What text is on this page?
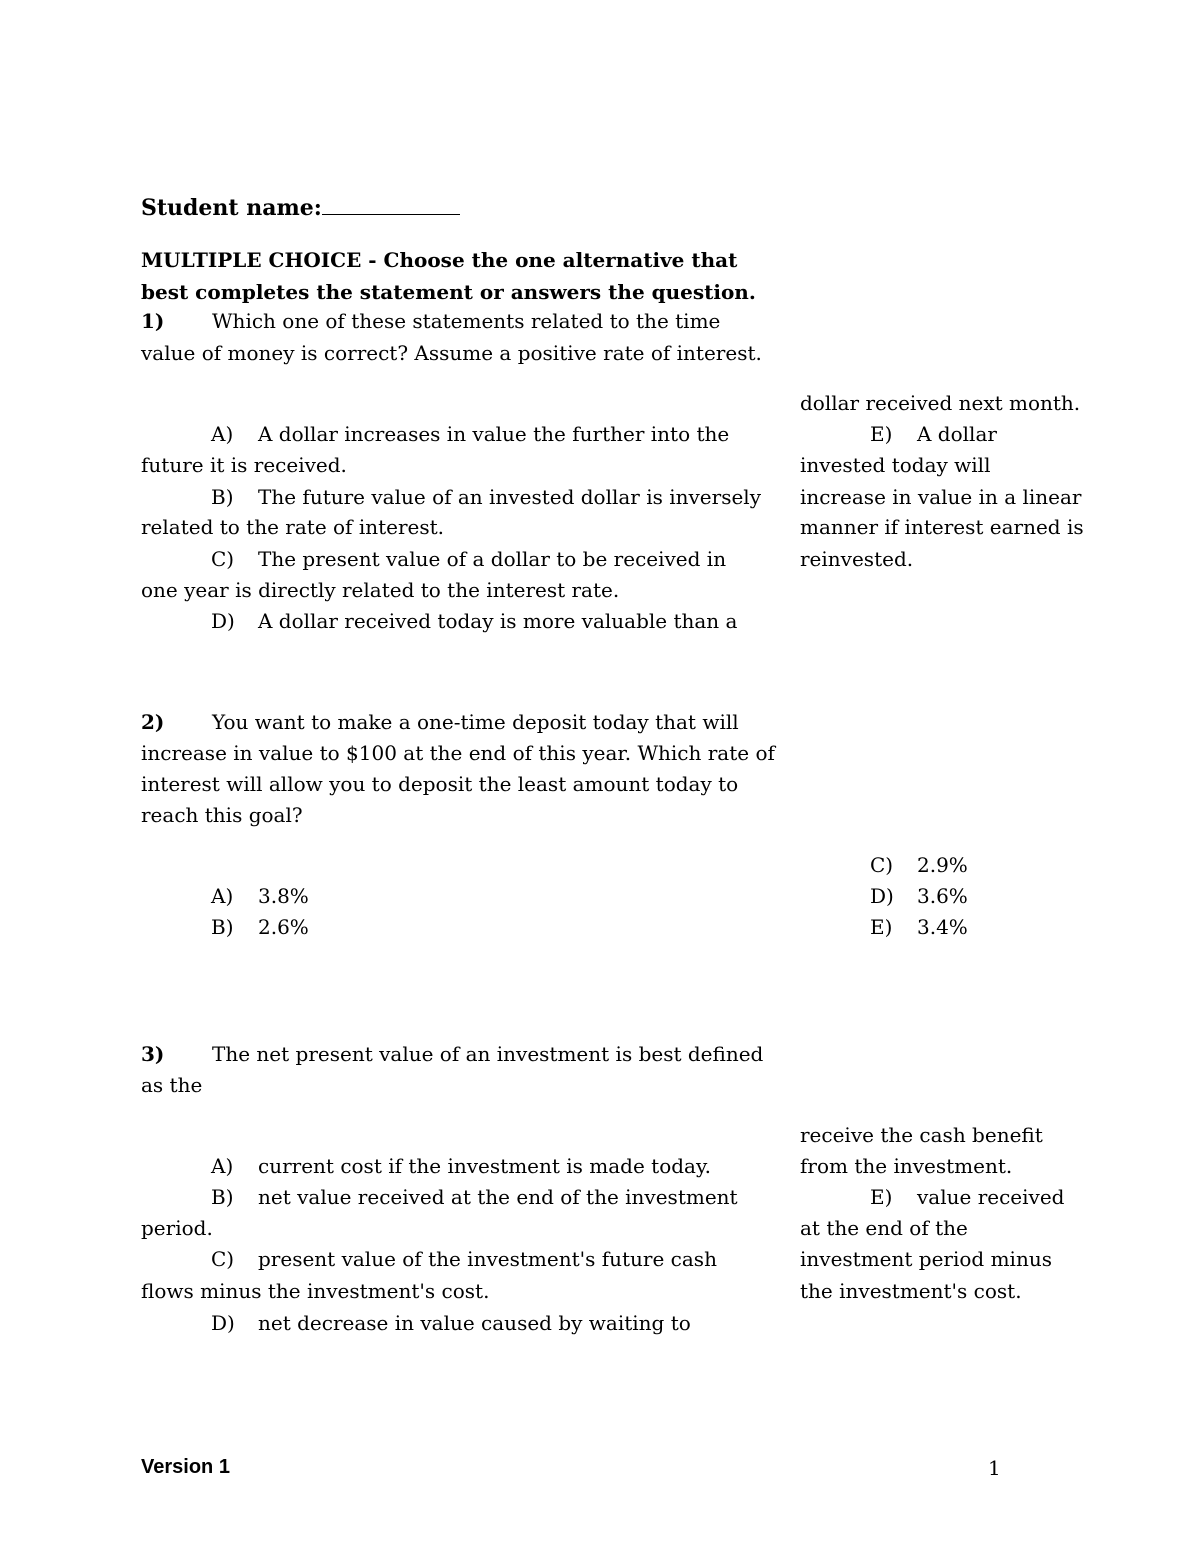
Student name:
MULTIPLE CHOICE - Choose the one alternative that
best completes the statement or answers the question.
1) Which one of these statements related to the time
value of money is correct? Assume a positive rate of interest.
A) A dollar increases in value the further into the
future it is received.
B) The future value of an invested dollar is inversely
related to the rate of interest.
C) The present value of a dollar to be received in
one year is directly related to the interest rate.
D) A dollar received today is more valuable than a
dollar received next month.
E) A dollar
invested today will
increase in value in a linear
manner if interest earned is
reinvested.
2) You want to make a one-time deposit today that will
increase in value to $100 at the end of this year. Which rate of
interest will allow you to deposit the least amount today to
reach this goal?
A) 3.8%
B) 2.6%
C) 2.9%
D) 3.6%
E) 3.4%
3) The net present value of an investment is best defined
as the
A) current cost if the investment is made today.
B) net value received at the end of the investment
period.
C) present value of the investment's future cash
flows minus the investment's cost.
D) net decrease in value caused by waiting to
receive the cash benefit
from the investment.
E) value received
at the end of the
investment period minus
the investment's cost.
Version 1	1
